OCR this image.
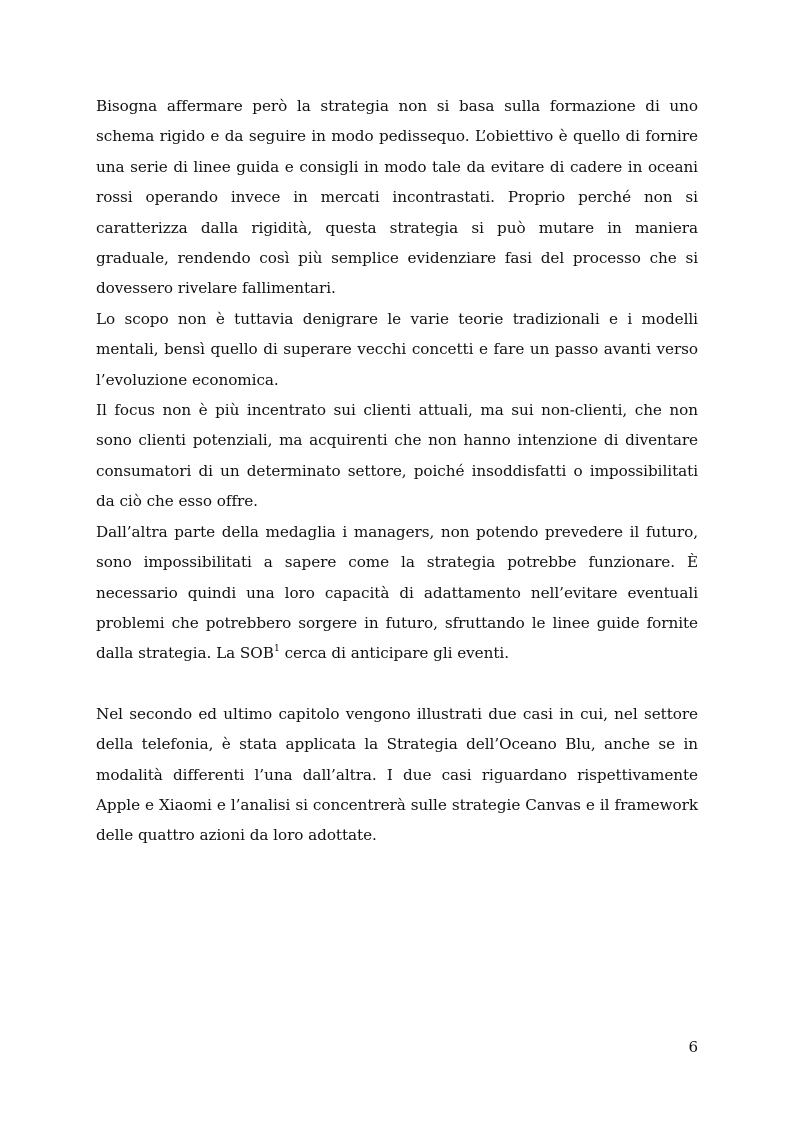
Bisogna affermare però la strategia non si basa sulla formazione di uno schema rigido e da seguire in modo pedissequo. L’obiettivo è quello di fornire una serie di linee guida e consigli in modo tale da evitare di cadere in oceani rossi operando invece in mercati incontrastati. Proprio perché non si caratterizza dalla rigidità, questa strategia si può mutare in maniera graduale, rendendo così più semplice evidenziare fasi del processo che si dovessero rivelare fallimentari.

Lo scopo non è tuttavia denigrare le varie teorie tradizionali e i modelli mentali, bensì quello di superare vecchi concetti e fare un passo avanti verso l’evoluzione economica.

Il focus non è più incentrato sui clienti attuali, ma sui non-clienti, che non sono clienti potenziali, ma acquirenti che non hanno intenzione di diventare consumatori di un determinato settore, poiché insoddisfatti o impossibilitati da ciò che esso offre.

Dall’altra parte della medaglia i managers, non potendo prevedere il futuro, sono impossibilitati a sapere come la strategia potrebbe funzionare. È necessario quindi una loro capacità di adattamento nell’evitare eventuali problemi che potrebbero sorgere in futuro, sfruttando le linee guide fornite dalla strategia. La SOB$^1$ cerca di anticipare gli eventi.

Nel secondo ed ultimo capitolo vengono illustrati due casi in cui, nel settore della telefonia, è stata applicata la Strategia dell’Oceano Blu, anche se in modalità differenti l’una dall’altra. I due casi riguardano rispettivamente Apple e Xiaomi e l’analisi si concentrerà sulle strategie Canvas e il framework delle quattro azioni da loro adottate.

6
